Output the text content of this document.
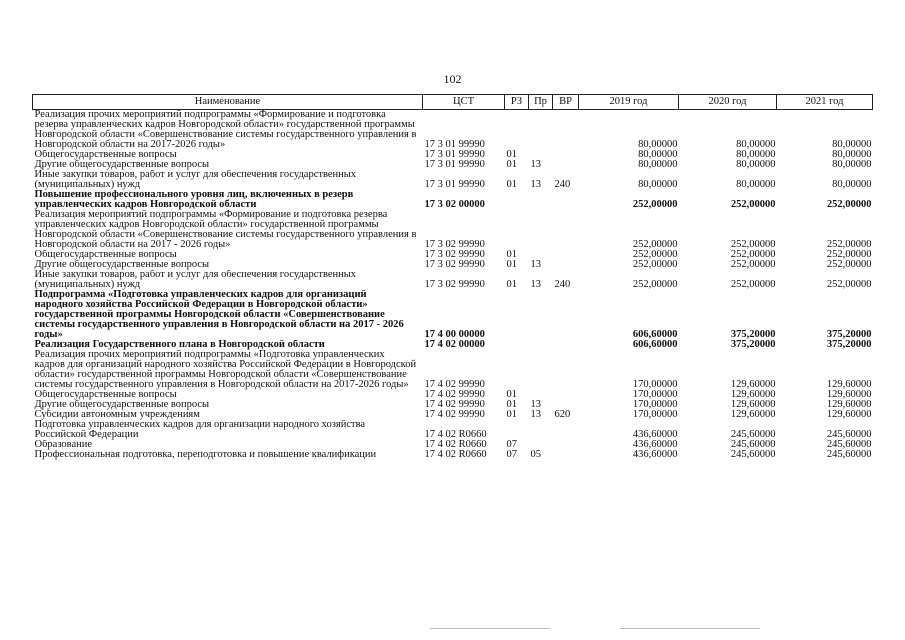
102
Наименование	ЦСТ	РЗ	Пр	ВР	2019 год	2020 год	2021 год
Реализация прочих мероприятий подпрограммы «Формирование и подготовка резерва управленческих кадров Новгородской области» государственной программы Новгородской области «Совершенствование системы государственного управления в Новгородской области на 2017-2026 годы»	17 3 01 99990				80,00000	80,00000	80,00000
Общегосударственные вопросы	17 3 01 99990	01			80,00000	80,00000	80,00000
Другие общегосударственные вопросы	17 3 01 99990	01	13		80,00000	80,00000	80,00000
Иные закупки товаров, работ и услуг для обеспечения государственных (муниципальных) нужд	17 3 01 99990	01	13	240	80,00000	80,00000	80,00000
Повышение профессионального уровня лиц, включенных в резерв управленческих кадров Новгородской области	17 3 02 00000				252,00000	252,00000	252,00000
Реализация мероприятий подпрограммы «Формирование и подготовка резерва управленческих кадров Новгородской области» государственной программы Новгородской области «Совершенствование системы государственного управления в Новгородской области на 2017 - 2026 годы»	17 3 02 99990				252,00000	252,00000	252,00000
Общегосударственные вопросы	17 3 02 99990	01			252,00000	252,00000	252,00000
Другие общегосударственные вопросы	17 3 02 99990	01	13		252,00000	252,00000	252,00000
Иные закупки товаров, работ и услуг для обеспечения государственных (муниципальных) нужд	17 3 02 99990	01	13	240	252,00000	252,00000	252,00000
Подпрограмма «Подготовка управленческих кадров для организаций народного хозяйства Российской Федерации в Новгородской области» государственной программы Новгородской области «Совершенствование системы государственного управления в Новгородской области на 2017 - 2026 годы»	17 4 00 00000				606,60000	375,20000	375,20000
Реализация Государственного плана в Новгородской области	17 4 02 00000				606,60000	375,20000	375,20000
Реализация прочих мероприятий подпрограммы «Подготовка управленческих кадров для организаций народного хозяйства Российской Федерации в Новгородской области» государственной программы Новгородской области «Совершенствование системы государственного управления в Новгородской области на 2017-2026 годы»	17 4 02 99990				170,00000	129,60000	129,60000
Общегосударственные вопросы	17 4 02 99990	01			170,00000	129,60000	129,60000
Другие общегосударственные вопросы	17 4 02 99990	01	13		170,00000	129,60000	129,60000
Субсидии автономным учреждениям	17 4 02 99990	01	13	620	170,00000	129,60000	129,60000
Подготовка управленческих кадров для организации народного хозяйства Российской Федерации	17 4 02 R0660				436,60000	245,60000	245,60000
Образование	17 4 02 R0660	07			436,60000	245,60000	245,60000
Профессиональная подготовка, переподготовка и повышение квалификации	17 4 02 R0660	07	05		436,60000	245,60000	245,60000
